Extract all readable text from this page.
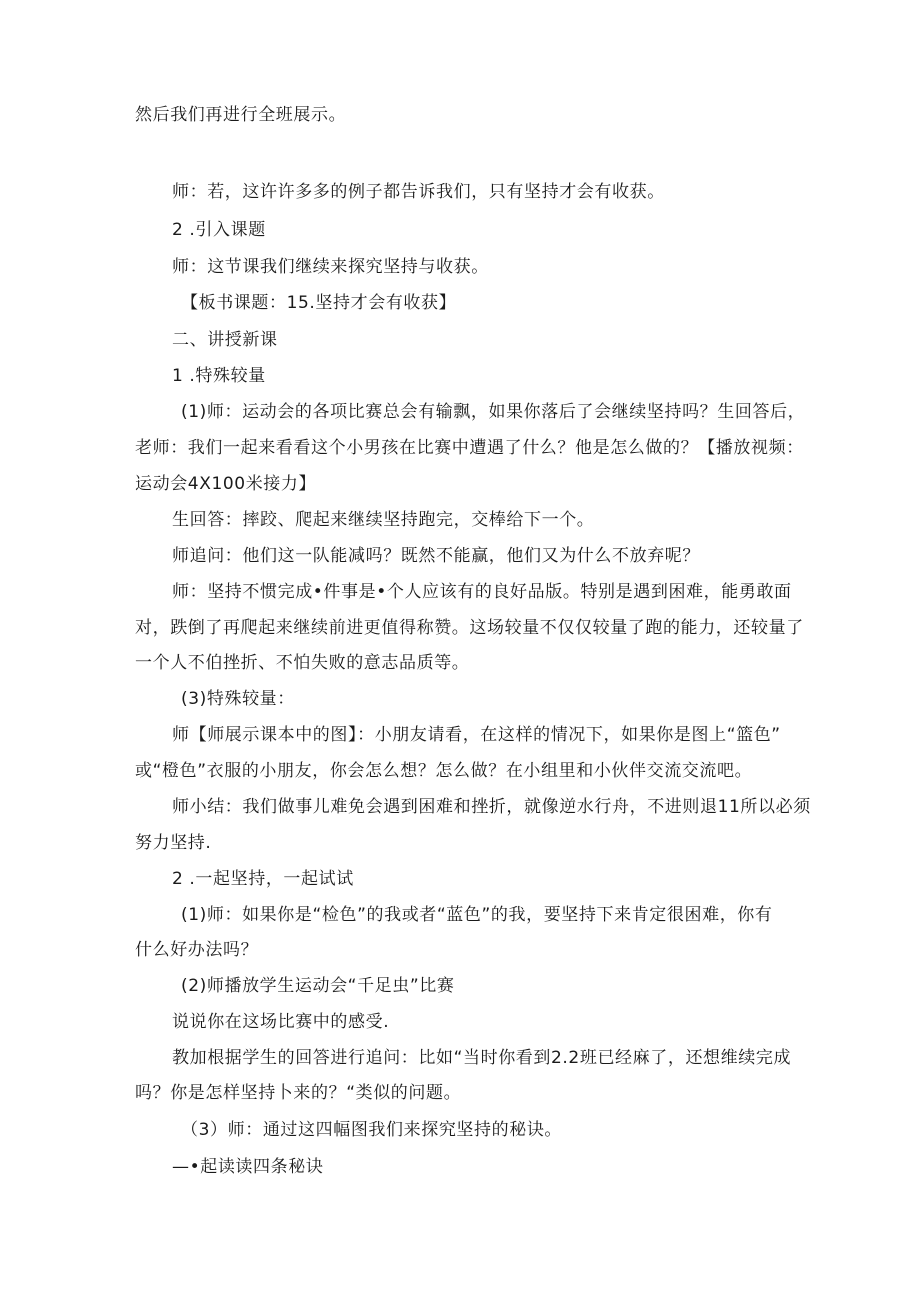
然后我们再进行全班展示。
师：若，这许许多多的例子都告诉我们，只有坚持才会有收获。
2 .引入课题
师：这节课我们继续来探究坚持与收获。
【板书课题：15.坚持才会有收获】
二、讲授新课
1 .特殊较量
(1)师：运动会的各项比赛总会有输飘，如果你落后了会继续坚持吗？生回答后，
老师：我们一起来看看这个小男孩在比赛中遭遇了什么？他是怎么做的？【播放视频：
运动会4X100米接力】
生回答：摔跤、爬起来继续坚持跑完，交棒给下一个。
师追问：他们这一队能减吗？既然不能赢，他们又为什么不放弃呢？
师：坚持不惯完成•件事是•个人应该有的良好品版。特别是遇到困难，能勇敢面
对，跌倒了再爬起来继续前进更值得称赞。这场较量不仅仅较量了跑的能力，还较量了
一个人不伯挫折、不怕失败的意志品质等。
(3)特殊较量：
师【师展示课本中的图】：小朋友请看，在这样的情况下，如果你是图上“篮色”
或“橙色”衣服的小朋友，你会怎么想？怎么做？在小组里和小伙伴交流交流吧。
师小结：我们做事儿难免会遇到困难和挫折，就像逆水行舟，不进则退11所以必须
努力坚持.
2 .一起坚持，一起试试
(1)师：如果你是“检色”的我或者“蓝色”的我，要坚持下来肯定很困难，你有
什么好办法吗？
(2)师播放学生运动会“千足虫”比赛
说说你在这场比赛中的感受.
教加根据学生的回答进行追问：比如“当时你看到2.2班已经麻了，还想维续完成
吗？你是怎样坚持卜来的？“类似的问题。
（3）师：通过这四幅图我们来探究坚持的秘诀。
—•起读读四条秘诀
